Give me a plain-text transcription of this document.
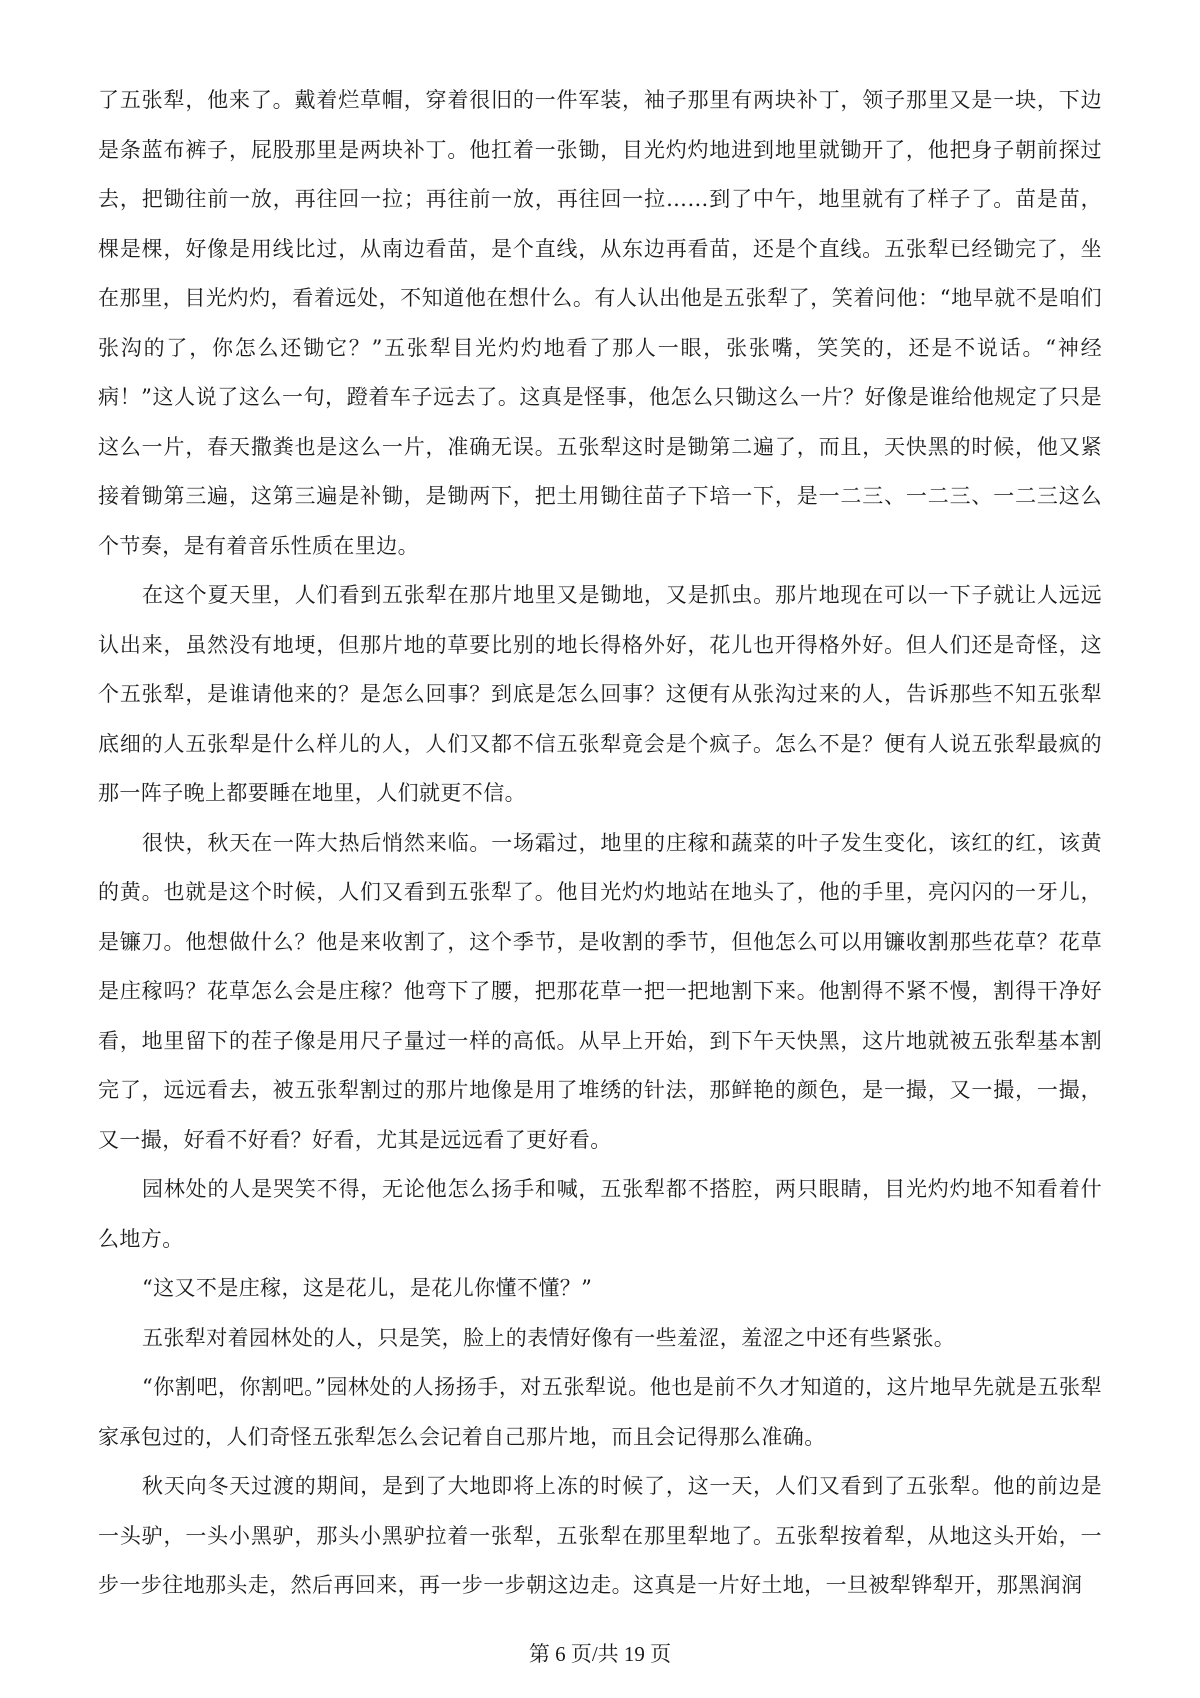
了五张犁，他来了。戴着烂草帽，穿着很旧的一件军装，袖子那里有两块补丁，领子那里又是一块，下边是条蓝布裤子，屁股那里是两块补丁。他扛着一张锄，目光灼灼地进到地里就锄开了，他把身子朝前探过去，把锄往前一放，再往回一拉；再往前一放，再往回一拉……到了中午，地里就有了样子了。苗是苗，棵是棵，好像是用线比过，从南边看苗，是个直线，从东边再看苗，还是个直线。五张犁已经锄完了，坐在那里，目光灼灼，看着远处，不知道他在想什么。有人认出他是五张犁了，笑着问他：“地早就不是咱们张沟的了，你怎么还锄它？”五张犁目光灼灼地看了那人一眼，张张嘴，笑笑的，还是不说话。“神经病！”这人说了这么一句，蹬着车子远去了。这真是怪事，他怎么只锄这么一片？好像是谁给他规定了只是这么一片，春天撒粪也是这么一片，准确无误。五张犁这时是锄第二遍了，而且，天快黑的时候，他又紧接着锄第三遍，这第三遍是补锄，是锄两下，把土用锄往苗子下培一下，是一二三、一二三、一二三这么个节奏，是有着音乐性质在里边。

在这个夏天里，人们看到五张犁在那片地里又是锄地，又是抓虫。那片地现在可以一下子就让人远远认出来，虽然没有地埂，但那片地的草要比别的地长得格外好，花儿也开得格外好。但人们还是奇怪，这个五张犁，是谁请他来的？是怎么回事？到底是怎么回事？这便有从张沟过来的人，告诉那些不知五张犁底细的人五张犁是什么样儿的人，人们又都不信五张犁竟会是个疯子。怎么不是？便有人说五张犁最疯的那一阵子晚上都要睡在地里，人们就更不信。

很快，秋天在一阵大热后悄然来临。一场霜过，地里的庄稼和蔬菜的叶子发生变化，该红的红，该黄的黄。也就是这个时候，人们又看到五张犁了。他目光灼灼地站在地头了，他的手里，亮闪闪的一牙儿，是镰刀。他想做什么？他是来收割了，这个季节，是收割的季节，但他怎么可以用镰收割那些花草？花草是庄稼吗？花草怎么会是庄稼？他弯下了腰，把那花草一把一把地割下来。他割得不紧不慢，割得干净好看，地里留下的茬子像是用尺子量过一样的高低。从早上开始，到下午天快黑，这片地就被五张犁基本割完了，远远看去，被五张犁割过的那片地像是用了堆绣的针法，那鲜艳的颜色，是一撮，又一撮，一撮，又一撮，好看不好看？好看，尤其是远远看了更好看。

园林处的人是哭笑不得，无论他怎么扬手和喊，五张犁都不搭腔，两只眼睛，目光灼灼地不知看着什么地方。

“这又不是庄稼，这是花儿，是花儿你懂不懂？”

五张犁对着园林处的人，只是笑，脸上的表情好像有一些羞涩，羞涩之中还有些紧张。

“你割吧，你割吧。”园林处的人扬扬手，对五张犁说。他也是前不久才知道的，这片地早先就是五张犁家承包过的，人们奇怪五张犁怎么会记着自己那片地，而且会记得那么准确。

秋天向冬天过渡的期间，是到了大地即将上冻的时候了，这一天，人们又看到了五张犁。他的前边是一头驴，一头小黑驴，那头小黑驴拉着一张犁，五张犁在那里犁地了。五张犁按着犁，从地这头开始，一步一步往地那头走，然后再回来，再一步一步朝这边走。这真是一片好土地，一旦被犁铧犁开，那黑润润

第 6 页/共 19 页
